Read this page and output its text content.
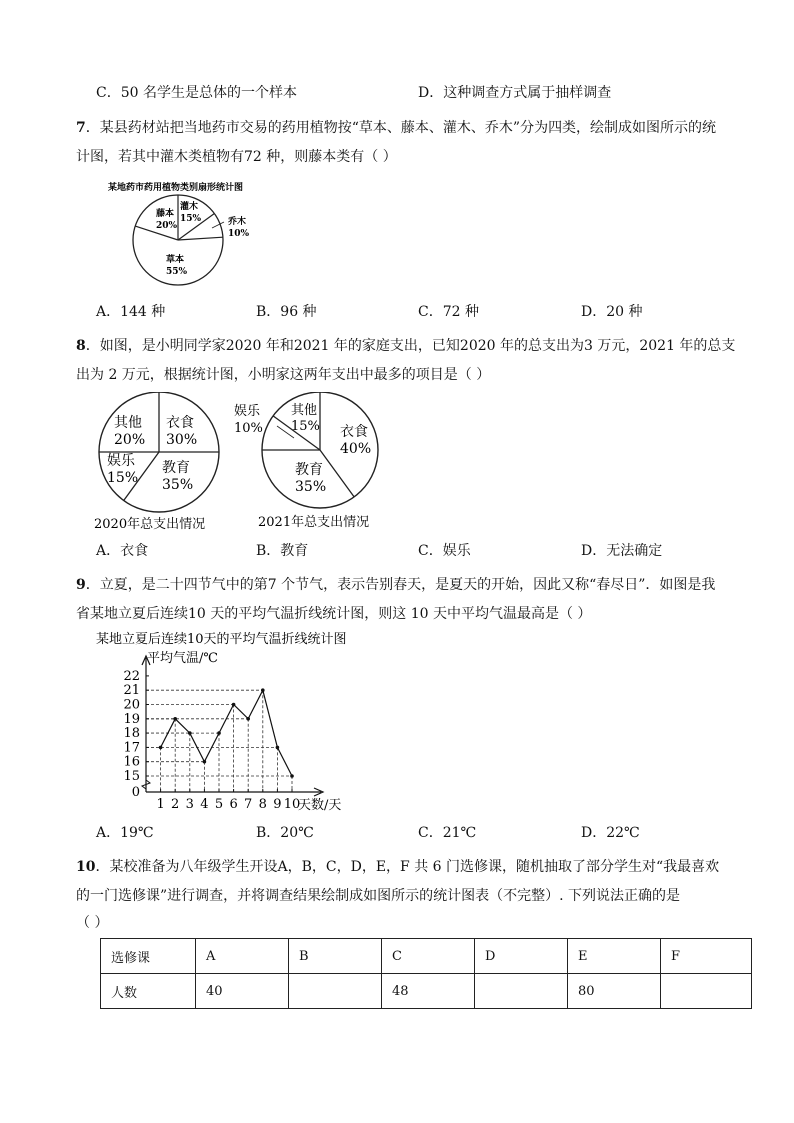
C．50 名学生是总体的一个样本	D．这种调查方式属于抽样调查
7．某县药材站把当地药市交易的药用植物按“草本、藤本、灌木、乔木”分为四类，绘制成如图所示的统
计图，若其中灌木类植物有72 种，则藤本类有（ ）
某地药市药用植物类别扇形统计图
灌木
15%	乔木
10%
藤本
20%
草本
55%
A．144 种	B．96 种	C．72 种	D．20 种
8．如图，是小明同学家2020 年和2021 年的家庭支出，已知2020 年的总支出为3 万元，2021 年的总支
出为 2 万元，根据统计图，小明家这两年支出中最多的项目是（ ）
其他
20%
衣食
30%
娱乐
15%
教育
35%
2020年总支出情况
娱乐
10%
其他
15% 衣食
40%
教育
35%
2021年总支出情况
A．衣食	B．教育	C．娱乐	D．无法确定
9．立夏，是二十四节气中的第7 个节气，表示告别春天，是夏天的开始，因此又称“春尽日”．如图是我
省某地立夏后连续10 天的平均气温折线统计图，则这 10 天中平均气温最高是（ ）
某地立夏后连续10天的平均气温折线统计图
平均气温/℃
0
15
16
17
18
19
20
21
22
1 2 3 4 5 6 7 8 9 10
天数/天
A．19℃	B．20℃	C．21℃	D．22℃
10．某校准备为八年级学生开设A，B，C，D，E，F 共 6 门选修课，随机抽取了部分学生对“我最喜欢
的一门选修课”进行调查，并将调查结果绘制成如图所示的统计图表（不完整）. 下列说法正确的是
（ ）
选修课	A	B	C	D	E	F
人数	40		48		80	
